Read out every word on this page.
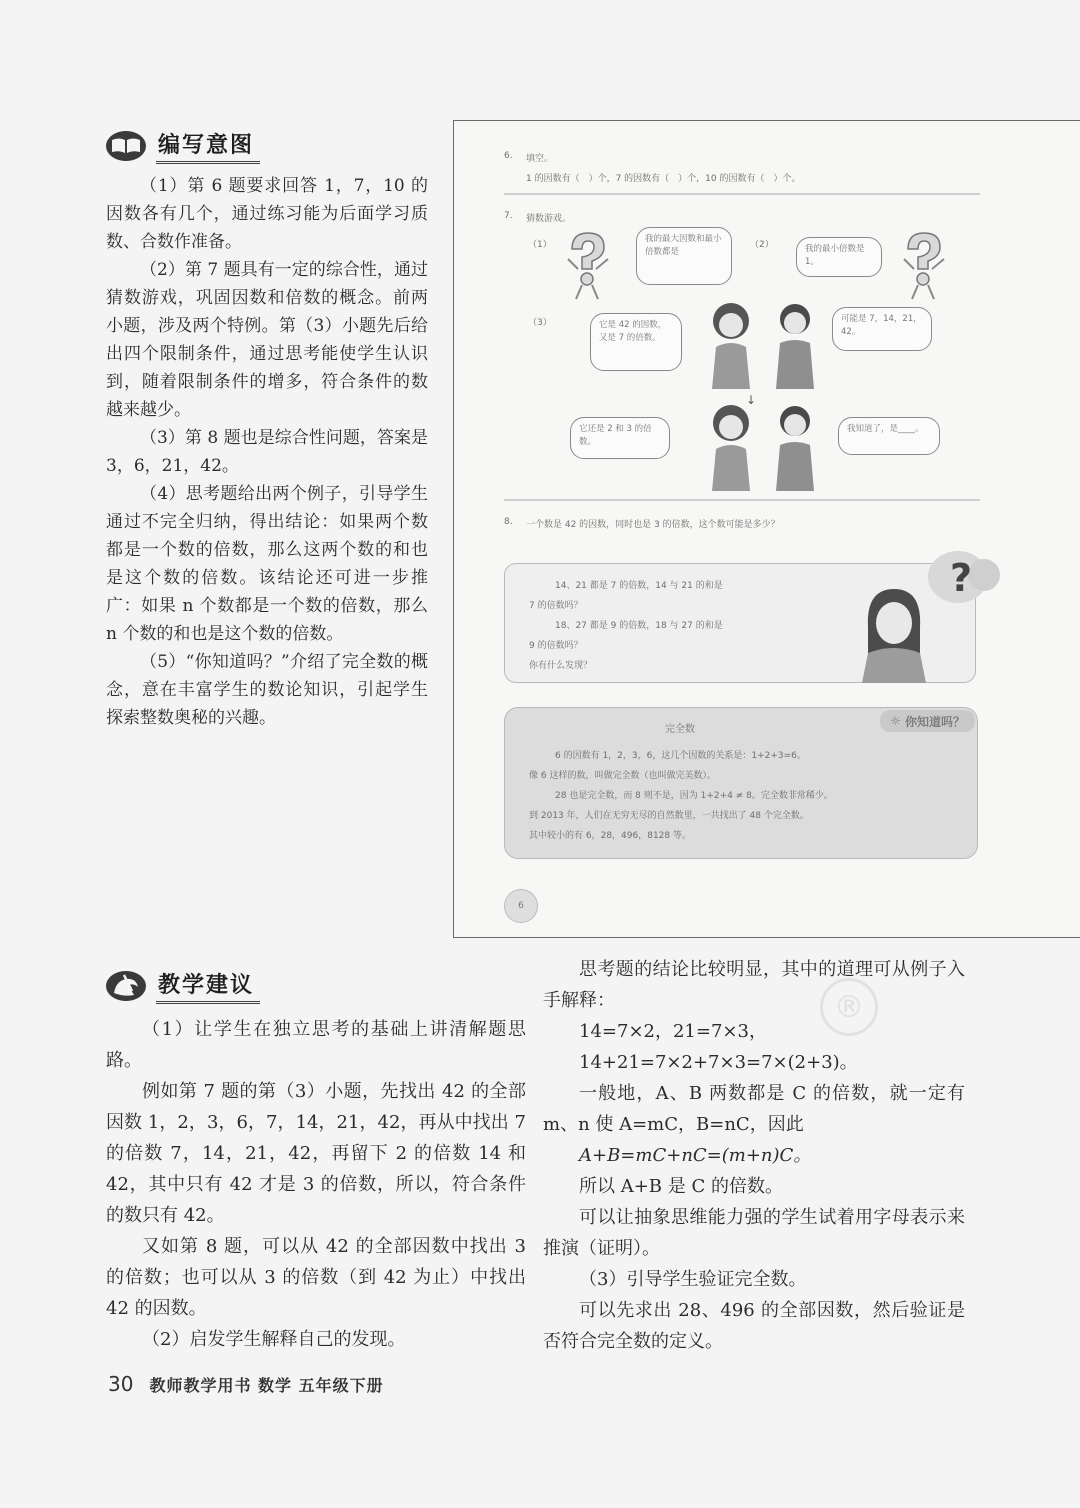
编写意图

（1）第 6 题要求回答 1，7，10 的因数各有几个，通过练习能为后面学习质数、合数作准备。

（2）第 7 题具有一定的综合性，通过猜数游戏，巩固因数和倍数的概念。前两小题，涉及两个特例。第（3）小题先后给出四个限制条件，通过思考能使学生认识到，随着限制条件的增多，符合条件的数越来越少。

（3）第 8 题也是综合性问题，答案是 3，6，21，42。

（4）思考题给出两个例子，引导学生通过不完全归纳，得出结论：如果两个数都是一个数的倍数，那么这两个数的和也是这个数的倍数。该结论还可进一步推广：如果 n 个数都是一个数的倍数，那么 n 个数的和也是这个数的倍数。

（5）“你知道吗？”介绍了完全数的概念，意在丰富学生的数论知识，引起学生探索整数奥秘的兴趣。

6. 填空。
1 的因数有（　）个，7 的因数有（　）个，10 的因数有（　）个。
7. 猜数游戏。
（1）	（2）
（3）
我的最大因数和最小倍数都是	我的最小倍数是 1。
它是 42 的因数，又是 7 的倍数。
可能是 7，14，21，42。
↓
它还是 2 和 3 的倍数。
我知道了，是____。
8. 一个数是 42 的因数，同时也是 3 的倍数，这个数可能是多少？
14、21 都是 7 的倍数，14 与 21 的和是
7 的倍数吗？
18、27 都是 9 的倍数，18 与 27 的和是
9 的倍数吗？
你有什么发现？
?
☼ 你知道吗？
完全数
6 的因数有 1，2，3，6，这几个因数的关系是：1+2+3=6。
像 6 这样的数，叫做完全数（也叫做完美数）。
28 也是完全数，而 8 则不是，因为 1+2+4 ≠ 8。完全数非常稀少。
到 2013 年，人们在无穷无尽的自然数里，一共找出了 48 个完全数。
其中较小的有 6，28，496，8128 等。
6
®
教学建议

（1）让学生在独立思考的基础上讲清解题思路。

例如第 7 题的第（3）小题，先找出 42 的全部因数 1，2，3，6，7，14，21，42，再从中找出 7 的倍数 7，14，21，42，再留下 2 的倍数 14 和 42，其中只有 42 才是 3 的倍数，所以，符合条件的数只有 42。

又如第 8 题，可以从 42 的全部因数中找出 3 的倍数；也可以从 3 的倍数（到 42 为止）中找出 42 的因数。

（2）启发学生解释自己的发现。

思考题的结论比较明显，其中的道理可从例子入手解释：

14=7×2，21=7×3，

14+21=7×2+7×3=7×(2+3)。

一般地，A、B 两数都是 C 的倍数，就一定有 m、n 使 A=mC，B=nC，因此

A+B=mC+nC=(m+n)C。

所以 A+B 是 C 的倍数。

可以让抽象思维能力强的学生试着用字母表示来推演（证明）。

（3）引导学生验证完全数。

可以先求出 28、496 的全部因数，然后验证是否符合完全数的定义。

30 教师教学用书 数学 五年级下册
